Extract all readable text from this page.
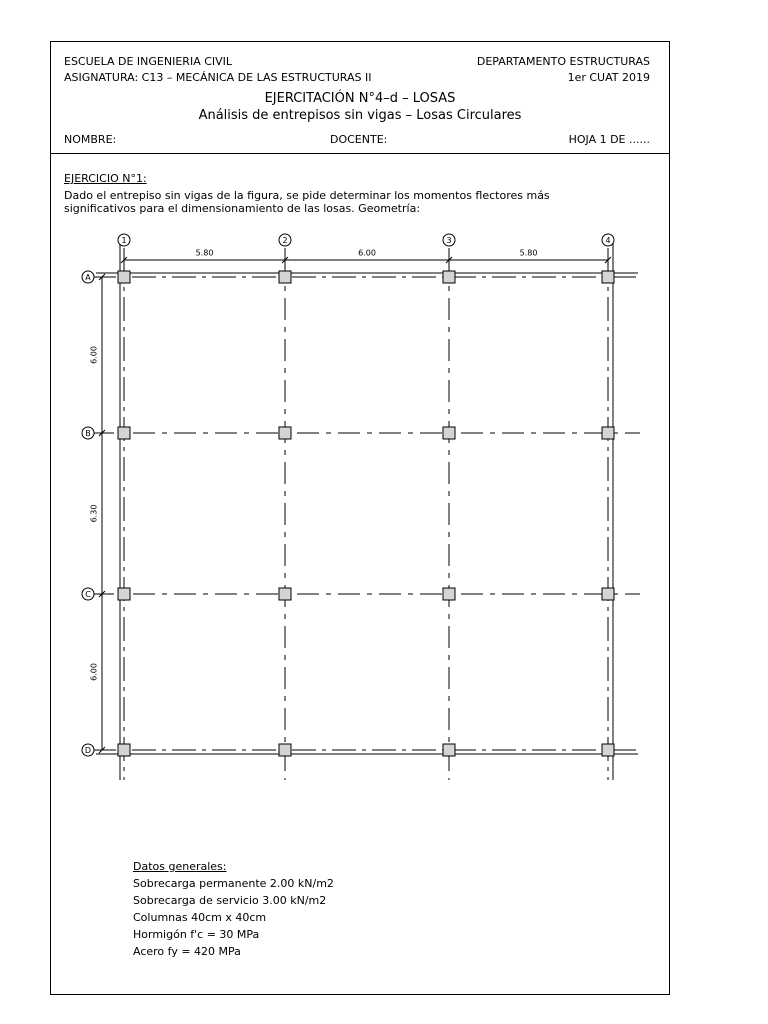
ESCUELA DE INGENIERIA CIVIL	DEPARTAMENTO ESTRUCTURAS
ASIGNATURA: C13 – MECÁNICA DE LAS ESTRUCTURAS II	1er CUAT 2019
EJERCITACIÓN N°4–d – LOSAS
Análisis de entrepisos sin vigas – Losas Circulares
NOMBRE:	DOCENTE:	HOJA 1 DE ......
EJERCICIO N°1:
Dado el entrepiso sin vigas de la figura, se pide determinar los momentos flectores más significativos para el dimensionamiento de las losas. Geometría:
1	2	3	4
A
B
C
D
5.80	6.00	5.80
6.00
6.30
6.00
Datos generales:
Sobrecarga permanente 2.00 kN/m2
Sobrecarga de servicio 3.00 kN/m2
Columnas 40cm x 40cm
Hormigón f'c = 30 MPa
Acero fy = 420 MPa
